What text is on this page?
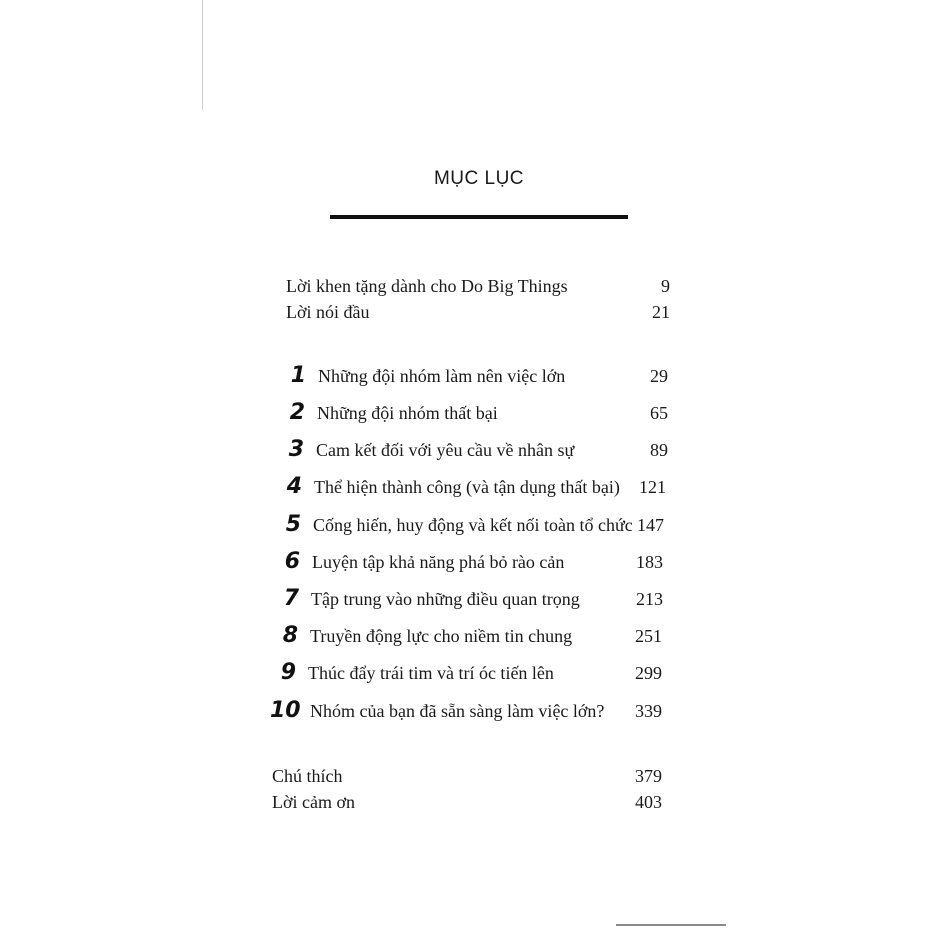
MỤC LỤC
Lời khen tặng dành cho Do Big Things	9
Lời nói đầu	21
1 Những đội nhóm làm nên việc lớn	29
2 Những đội nhóm thất bại	65
3 Cam kết đối với yêu cầu về nhân sự	89
4 Thể hiện thành công (và tận dụng thất bại) 121
5 Cống hiến, huy động và kết nối toàn tổ chức 147
6 Luyện tập khả năng phá bỏ rào cản	183
7 Tập trung vào những điều quan trọng	213
8 Truyền động lực cho niềm tin chung	251
9 Thúc đẩy trái tim và trí óc tiến lên	299
10 Nhóm của bạn đã sẵn sàng làm việc lớn? 339
Chú thích	379
Lời cảm ơn	403
